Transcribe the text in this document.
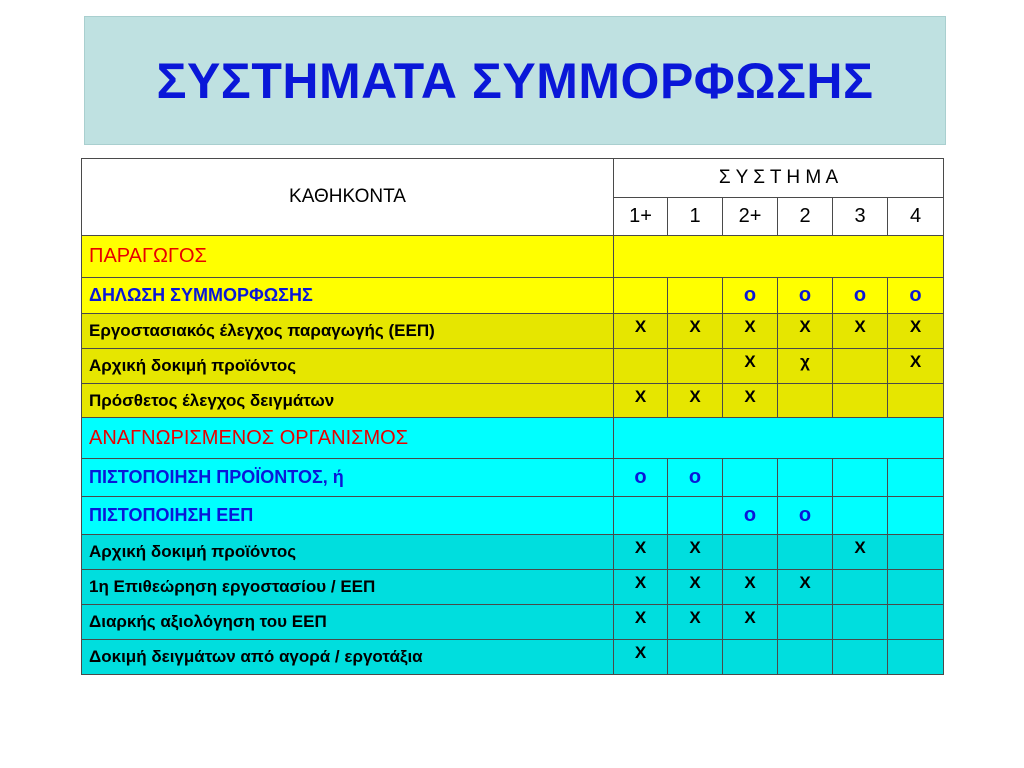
ΣΥΣΤΗΜΑΤΑ ΣΥΜΜΟΡΦΩΣΗΣ
ΚΑΘΗΚΟΝΤΑ	Σ Υ Σ Τ Η Μ Α					
	1+	1	2+	2	3	4
ΠΑΡΑΓΩΓΟΣ						
ΔΗΛΩΣΗ ΣΥΜΜΟΡΦΩΣΗΣ			o	o	o	o
Εργοστασιακός έλεγχος παραγωγής (ΕΕΠ)	X	X	X	X	X	X
Αρχική δοκιμή προϊόντος			X	χ		X
Πρόσθετος έλεγχος δειγμάτων	X	X	X			
ΑΝΑΓΝΩΡΙΣΜΕΝΟΣ ΟΡΓΑΝΙΣΜΟΣ						
ΠΙΣΤΟΠΟΙΗΣΗ ΠΡΟΪΟΝΤΟΣ, ή	o	o				
ΠΙΣΤΟΠΟΙΗΣΗ ΕΕΠ			o	o		
Αρχική δοκιμή προϊόντος	X	X			X	
1η Επιθεώρηση εργοστασίου / ΕΕΠ	X	X	X	X		
Διαρκής αξιολόγηση του ΕΕΠ	X	X	X			
Δοκιμή δειγμάτων από αγορά / εργοτάξια	X					
